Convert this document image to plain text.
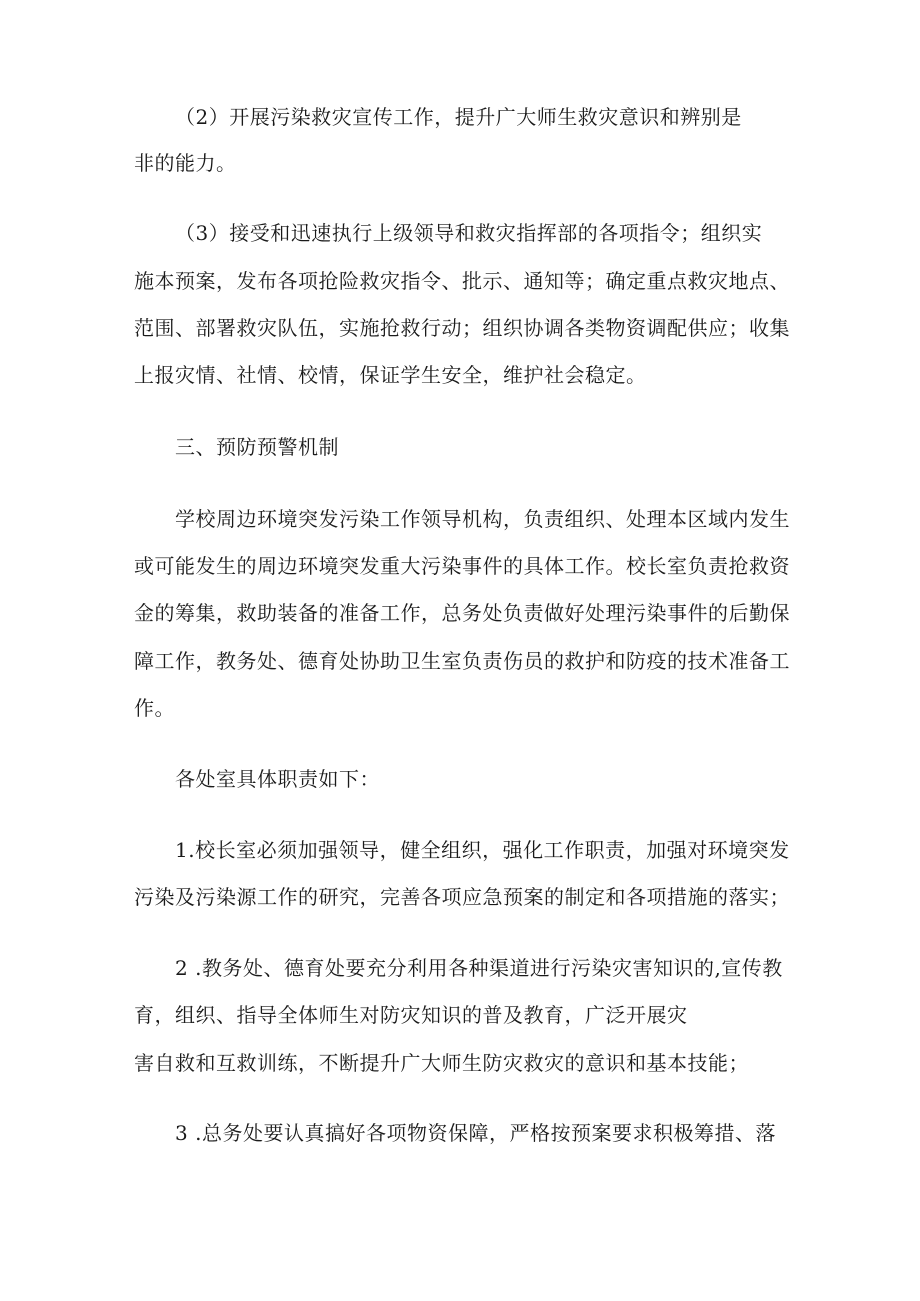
（2）开展污染救灾宣传工作，提升广大师生救灾意识和辨别是
非的能力。
（3）接受和迅速执行上级领导和救灾指挥部的各项指令；组织实
施本预案，发布各项抢险救灾指令、批示、通知等；确定重点救灾地点、
范围、部署救灾队伍，实施抢救行动；组织协调各类物资调配供应；收集
上报灾情、社情、校情，保证学生安全，维护社会稳定。
三、预防预警机制
学校周边环境突发污染工作领导机构，负责组织、处理本区域内发生
或可能发生的周边环境突发重大污染事件的具体工作。校长室负责抢救资
金的筹集，救助装备的准备工作，总务处负责做好处理污染事件的后勤保
障工作，教务处、德育处协助卫生室负责伤员的救护和防疫的技术准备工
作。
各处室具体职责如下：
1.校长室必须加强领导，健全组织，强化工作职责，加强对环境突发
污染及污染源工作的研究，完善各项应急预案的制定和各项措施的落实；
2 .教务处、德育处要充分利用各种渠道进行污染灾害知识的,宣传教
育，组织、指导全体师生对防灾知识的普及教育，广泛开展灾
害自救和互救训练，不断提升广大师生防灾救灾的意识和基本技能；
3 .总务处要认真搞好各项物资保障，严格按预案要求积极筹措、落
